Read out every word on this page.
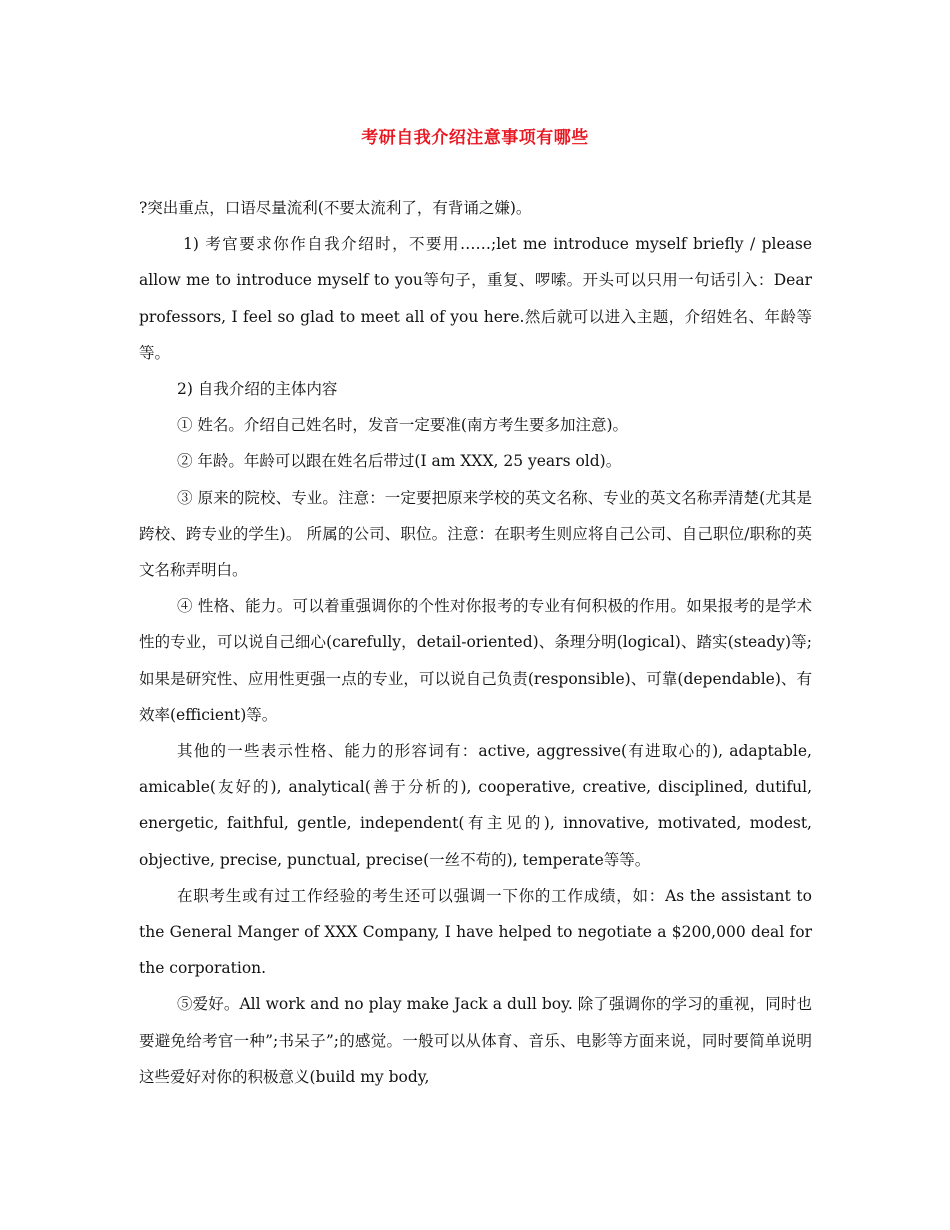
考研自我介绍注意事项有哪些

?突出重点，口语尽量流利(不要太流利了，有背诵之嫌)。

1) 考官要求你作自我介绍时，不要用……;let me introduce myself briefly / please allow me to introduce myself to you等句子，重复、啰嗦。开头可以只用一句话引入：Dear professors, I feel so glad to meet all of you here.然后就可以进入主题，介绍姓名、年龄等等。

2) 自我介绍的主体内容

① 姓名。介绍自己姓名时，发音一定要准(南方考生要多加注意)。

② 年龄。年龄可以跟在姓名后带过(I am XXX, 25 years old)。

③ 原来的院校、专业。注意：一定要把原来学校的英文名称、专业的英文名称弄清楚(尤其是跨校、跨专业的学生)。 所属的公司、职位。注意：在职考生则应将自己公司、自己职位/职称的英文名称弄明白。

④ 性格、能力。可以着重强调你的个性对你报考的专业有何积极的作用。如果报考的是学术性的专业，可以说自己细心(carefully，detail-oriented)、条理分明(logical)、踏实(steady)等;如果是研究性、应用性更强一点的专业，可以说自己负责(responsible)、可靠(dependable)、有效率(efficient)等。

其他的一些表示性格、能力的形容词有：active, aggressive(有进取心的), adaptable, amicable(友好的), analytical(善于分析的), cooperative, creative, disciplined, dutiful, energetic, faithful, gentle, independent(有主见的), innovative, motivated, modest, objective, precise, punctual, precise(一丝不苟的), temperate等等。

在职考生或有过工作经验的考生还可以强调一下你的工作成绩，如：As the assistant to the General Manger of XXX Company, I have helped to negotiate a $200,000 deal for the corporation.

⑤爱好。All work and no play make Jack a dull boy. 除了强调你的学习的重视，同时也要避免给考官一种”;书呆子”;的感觉。一般可以从体育、音乐、电影等方面来说，同时要简单说明这些爱好对你的积极意义(build my body,
